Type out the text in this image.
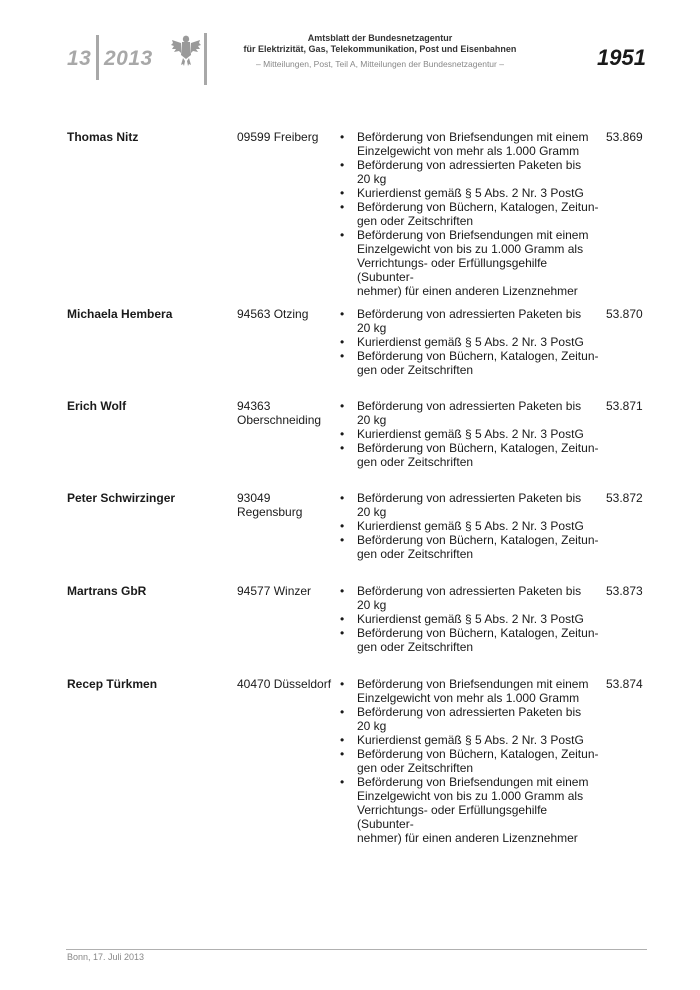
13 2013
Amtsblatt der Bundesnetzagentur
für Elektrizität, Gas, Telekommunikation, Post und Eisenbahnen
– Mitteilungen, Post, Teil A, Mitteilungen der Bundesnetzagentur –	1951
Thomas Nitz	09599 Freiberg	• Beförderung von Briefsendungen mit einem
Einzelgewicht von mehr als 1.000 Gramm
• Beförderung von adressierten Paketen bis
20 kg
• Kurierdienst gemäß § 5 Abs. 2 Nr. 3 PostG
• Beförderung von Büchern, Katalogen, Zeitun-
gen oder Zeitschriften
• Beförderung von Briefsendungen mit einem
Einzelgewicht von bis zu 1.000 Gramm als
Verrichtungs- oder Erfüllungsgehilfe (Subunter-
nehmer) für einen anderen Lizenznehmer
53.869
Michaela Hembera	94563 Otzing	• Beförderung von adressierten Paketen bis
20 kg
• Kurierdienst gemäß § 5 Abs. 2 Nr. 3 PostG
• Beförderung von Büchern, Katalogen, Zeitun-
gen oder Zeitschriften
53.870
Erich Wolf	94363
Oberschneiding
• Beförderung von adressierten Paketen bis
20 kg
• Kurierdienst gemäß § 5 Abs. 2 Nr. 3 PostG
• Beförderung von Büchern, Katalogen, Zeitun-
gen oder Zeitschriften
53.871
Peter Schwirzinger	93049
Regensburg
• Beförderung von adressierten Paketen bis
20 kg
• Kurierdienst gemäß § 5 Abs. 2 Nr. 3 PostG
• Beförderung von Büchern, Katalogen, Zeitun-
gen oder Zeitschriften
53.872
Martrans GbR	94577 Winzer	• Beförderung von adressierten Paketen bis
20 kg
• Kurierdienst gemäß § 5 Abs. 2 Nr. 3 PostG
• Beförderung von Büchern, Katalogen, Zeitun-
gen oder Zeitschriften
53.873
Recep Türkmen	40470 Düsseldorf • Beförderung von Briefsendungen mit einem
Einzelgewicht von mehr als 1.000 Gramm
• Beförderung von adressierten Paketen bis
20 kg
• Kurierdienst gemäß § 5 Abs. 2 Nr. 3 PostG
• Beförderung von Büchern, Katalogen, Zeitun-
gen oder Zeitschriften
• Beförderung von Briefsendungen mit einem
Einzelgewicht von bis zu 1.000 Gramm als
Verrichtungs- oder Erfüllungsgehilfe (Subunter-
nehmer) für einen anderen Lizenznehmer
53.874
Bonn, 17. Juli 2013
